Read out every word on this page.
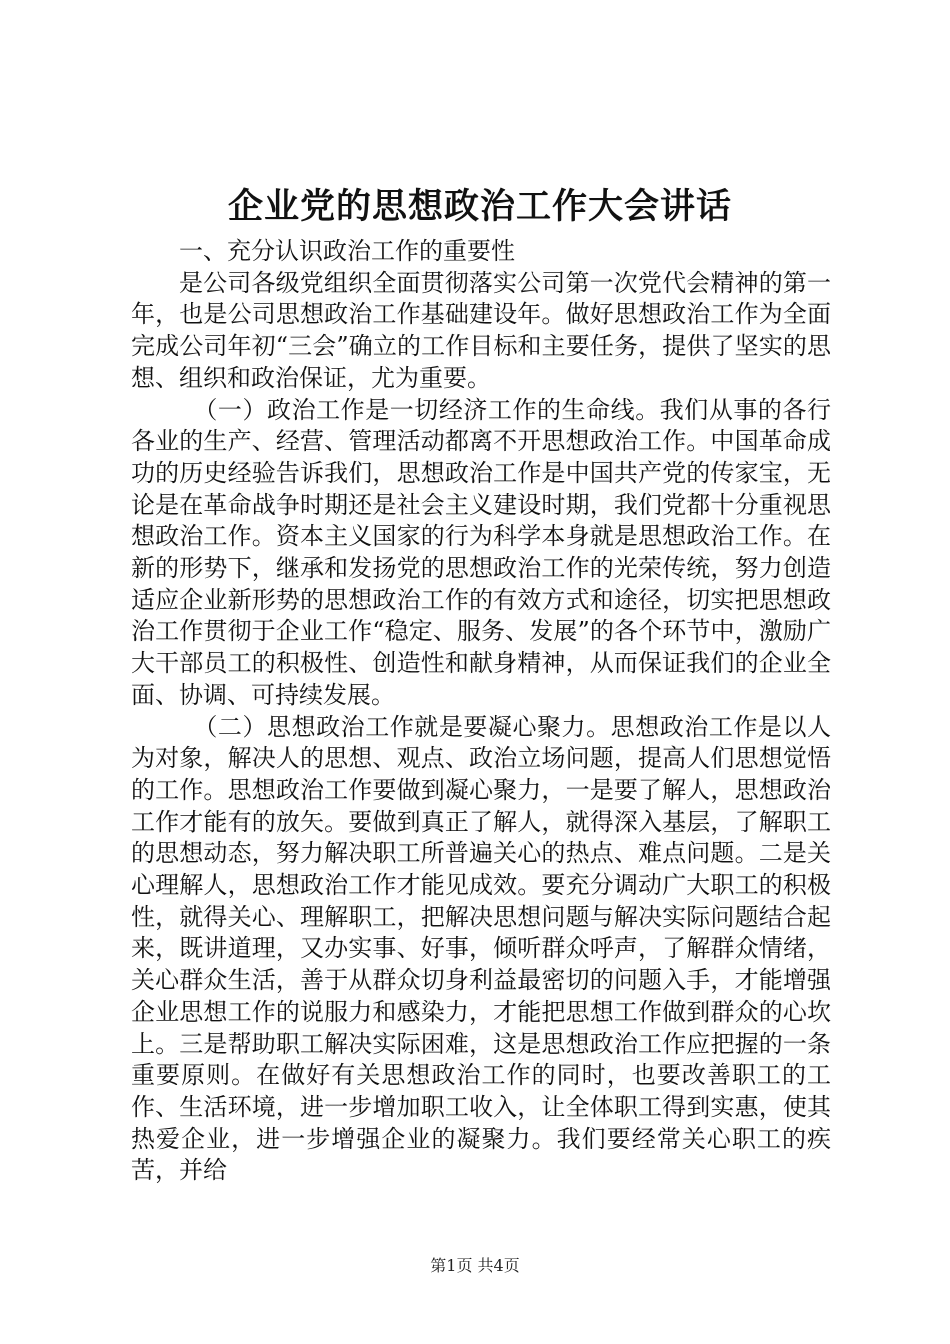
企业党的思想政治工作大会讲话

一、充分认识政治工作的重要性

是公司各级党组织全面贯彻落实公司第一次党代会精神的第一年，也是公司思想政治工作基础建设年。做好思想政治工作为全面完成公司年初“三会”确立的工作目标和主要任务，提供了坚实的思想、组织和政治保证，尤为重要。

（一）政治工作是一切经济工作的生命线。我们从事的各行各业的生产、经营、管理活动都离不开思想政治工作。中国革命成功的历史经验告诉我们，思想政治工作是中国共产党的传家宝，无论是在革命战争时期还是社会主义建设时期，我们党都十分重视思想政治工作。资本主义国家的行为科学本身就是思想政治工作。在新的形势下，继承和发扬党的思想政治工作的光荣传统，努力创造适应企业新形势的思想政治工作的有效方式和途径，切实把思想政治工作贯彻于企业工作“稳定、服务、发展”的各个环节中，激励广大干部员工的积极性、创造性和献身精神，从而保证我们的企业全面、协调、可持续发展。

（二）思想政治工作就是要凝心聚力。思想政治工作是以人为对象，解决人的思想、观点、政治立场问题，提高人们思想觉悟的工作。思想政治工作要做到凝心聚力，一是要了解人，思想政治工作才能有的放矢。要做到真正了解人，就得深入基层，了解职工的思想动态，努力解决职工所普遍关心的热点、难点问题。二是关心理解人，思想政治工作才能见成效。要充分调动广大职工的积极性，就得关心、理解职工，把解决思想问题与解决实际问题结合起来，既讲道理，又办实事、好事，倾听群众呼声，了解群众情绪，关心群众生活，善于从群众切身利益最密切的问题入手，才能增强企业思想工作的说服力和感染力，才能把思想工作做到群众的心坎上。三是帮助职工解决实际困难，这是思想政治工作应把握的一条重要原则。在做好有关思想政治工作的同时，也要改善职工的工作、生活环境，进一步增加职工收入，让全体职工得到实惠，使其热爱企业，进一步增强企业的凝聚力。我们要经常关心职工的疾苦，并给

第1页 共4页
